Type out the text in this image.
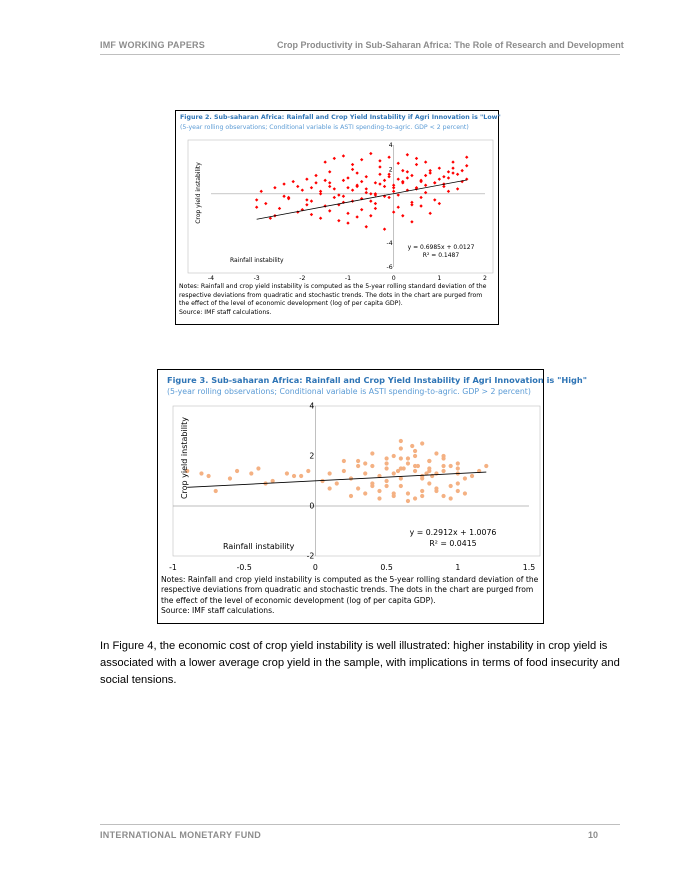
IMF WORKING PAPERS	Crop Productivity in Sub-Saharan Africa: The Role of Research and Development
Figure 2. Sub-saharan Africa: Rainfall and Crop Yield Instability if Agri Innovation is "Low"
(5-year rolling observations; Conditional variable is ASTI spending-to-agric. GDP < 2 percent)
Crop yield instability
Rainfall instability
y = 0.6985x + 0.0127
R² = 0.1487
-4	-3	-2	-1	0	1	2
4
2
-4
-6
Notes: Rainfall and crop yield instability is computed as the 5-year rolling standard deviation of the
respective deviations from quadratic and stochastic trends. The dots in the chart are purged from
the effect of the level of economic development (log of per capita GDP).
Source: IMF staff calculations.
Figure 3. Sub-saharan Africa: Rainfall and Crop Yield Instability if Agri Innovation is "High"
(5-year rolling observations; Conditional variable is ASTI spending-to-agric. GDP > 2 percent)
Crop yield instability
Rainfall instability
y = 0.2912x + 1.0076
R² = 0.0415
-1	-0.5	0	0.5	1	1.5
4
2
0
-2
Notes: Rainfall and crop yield instability is computed as the 5-year rolling standard deviation of the
respective deviations from quadratic and stochastic trends. The dots in the chart are purged from
the effect of the level of economic development (log of per capita GDP).
Source: IMF staff calculations.
In Figure 4, the economic cost of crop yield instability is well illustrated: higher instability in crop yield is
associated with a lower average crop yield in the sample, with implications in terms of food insecurity and
social tensions.
INTERNATIONAL MONETARY FUND	10
